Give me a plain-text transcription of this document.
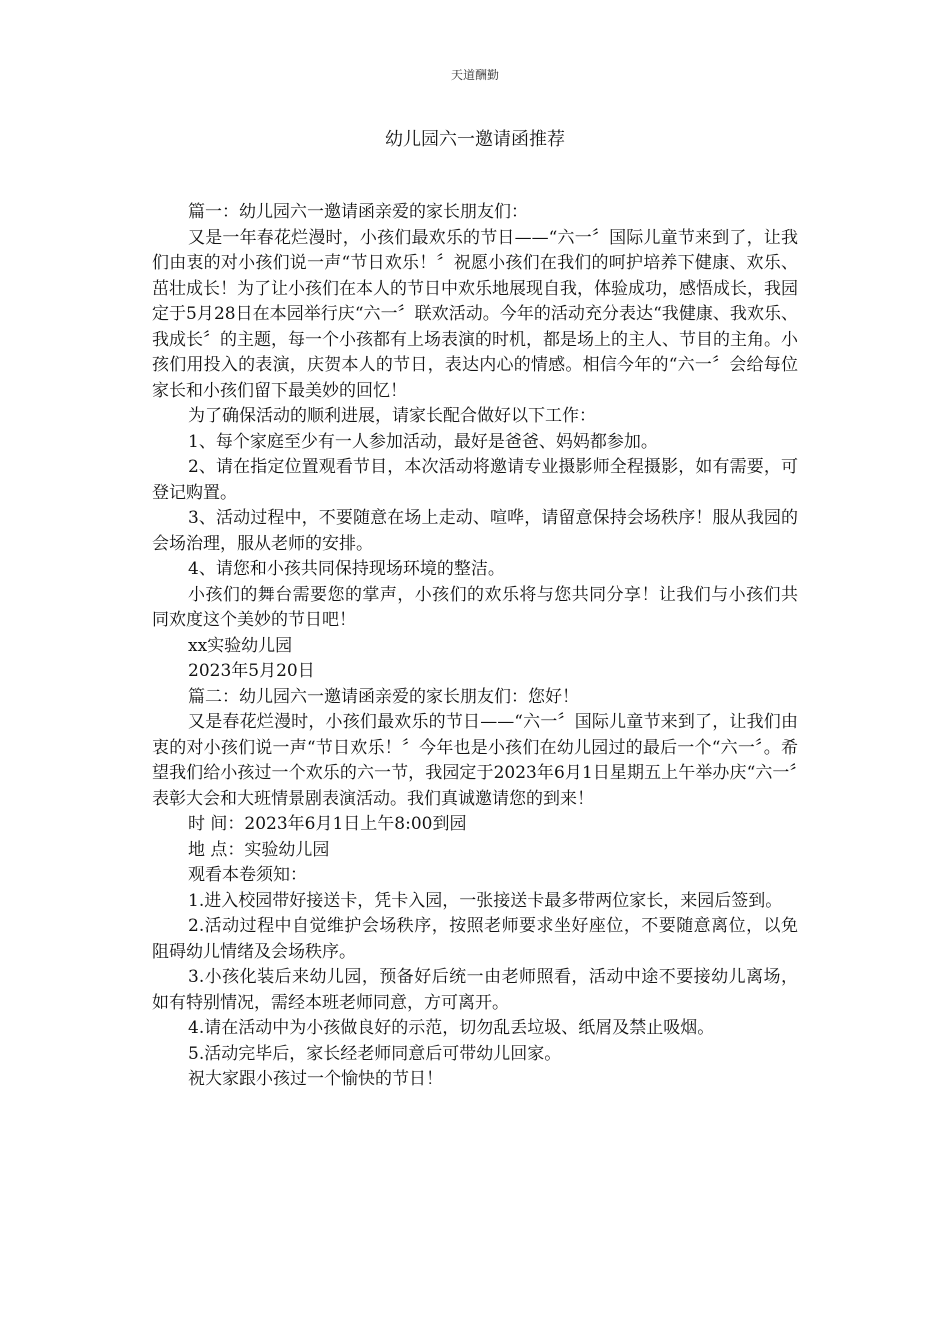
天道酬勤
幼儿园六一邀请函推荐

篇一：幼儿园六一邀请函亲爱的家长朋友们：

又是一年春花烂漫时，小孩们最欢乐的节日——“六一〞国际儿童节来到了，让我们由衷的对小孩们说一声“节日欢乐！〞祝愿小孩们在我们的呵护培养下健康、欢乐、茁壮成长！为了让小孩们在本人的节日中欢乐地展现自我，体验成功，感悟成长，我园定于5月28日在本园举行庆“六一〞联欢活动。今年的活动充分表达“我健康、我欢乐、我成长〞的主题，每一个小孩都有上场表演的时机，都是场上的主人、节目的主角。小孩们用投入的表演，庆贺本人的节日，表达内心的情感。相信今年的“六一〞会给每位家长和小孩们留下最美妙的回忆！

为了确保活动的顺利进展，请家长配合做好以下工作：

1、每个家庭至少有一人参加活动，最好是爸爸、妈妈都参加。

2、请在指定位置观看节目，本次活动将邀请专业摄影师全程摄影，如有需要，可登记购置。

3、活动过程中，不要随意在场上走动、喧哗，请留意保持会场秩序！服从我园的会场治理，服从老师的安排。

4、请您和小孩共同保持现场环境的整洁。

小孩们的舞台需要您的掌声，小孩们的欢乐将与您共同分享！让我们与小孩们共同欢度这个美妙的节日吧！

xx实验幼儿园

2023年5月20日

篇二：幼儿园六一邀请函亲爱的家长朋友们：您好！

又是春花烂漫时，小孩们最欢乐的节日——“六一〞国际儿童节来到了，让我们由衷的对小孩们说一声“节日欢乐！〞今年也是小孩们在幼儿园过的最后一个“六一〞。希望我们给小孩过一个欢乐的六一节，我园定于2023年6月1日星期五上午举办庆“六一〞表彰大会和大班情景剧表演活动。我们真诚邀请您的到来！

时 间：2023年6月1日上午8:00到园

地 点：实验幼儿园

观看本卷须知：

1.进入校园带好接送卡，凭卡入园，一张接送卡最多带两位家长，来园后签到。

2.活动过程中自觉维护会场秩序，按照老师要求坐好座位，不要随意离位，以免阻碍幼儿情绪及会场秩序。

3.小孩化装后来幼儿园，预备好后统一由老师照看，活动中途不要接幼儿离场，如有特别情况，需经本班老师同意，方可离开。

4.请在活动中为小孩做良好的示范，切勿乱丢垃圾、纸屑及禁止吸烟。

5.活动完毕后，家长经老师同意后可带幼儿回家。

祝大家跟小孩过一个愉快的节日！
